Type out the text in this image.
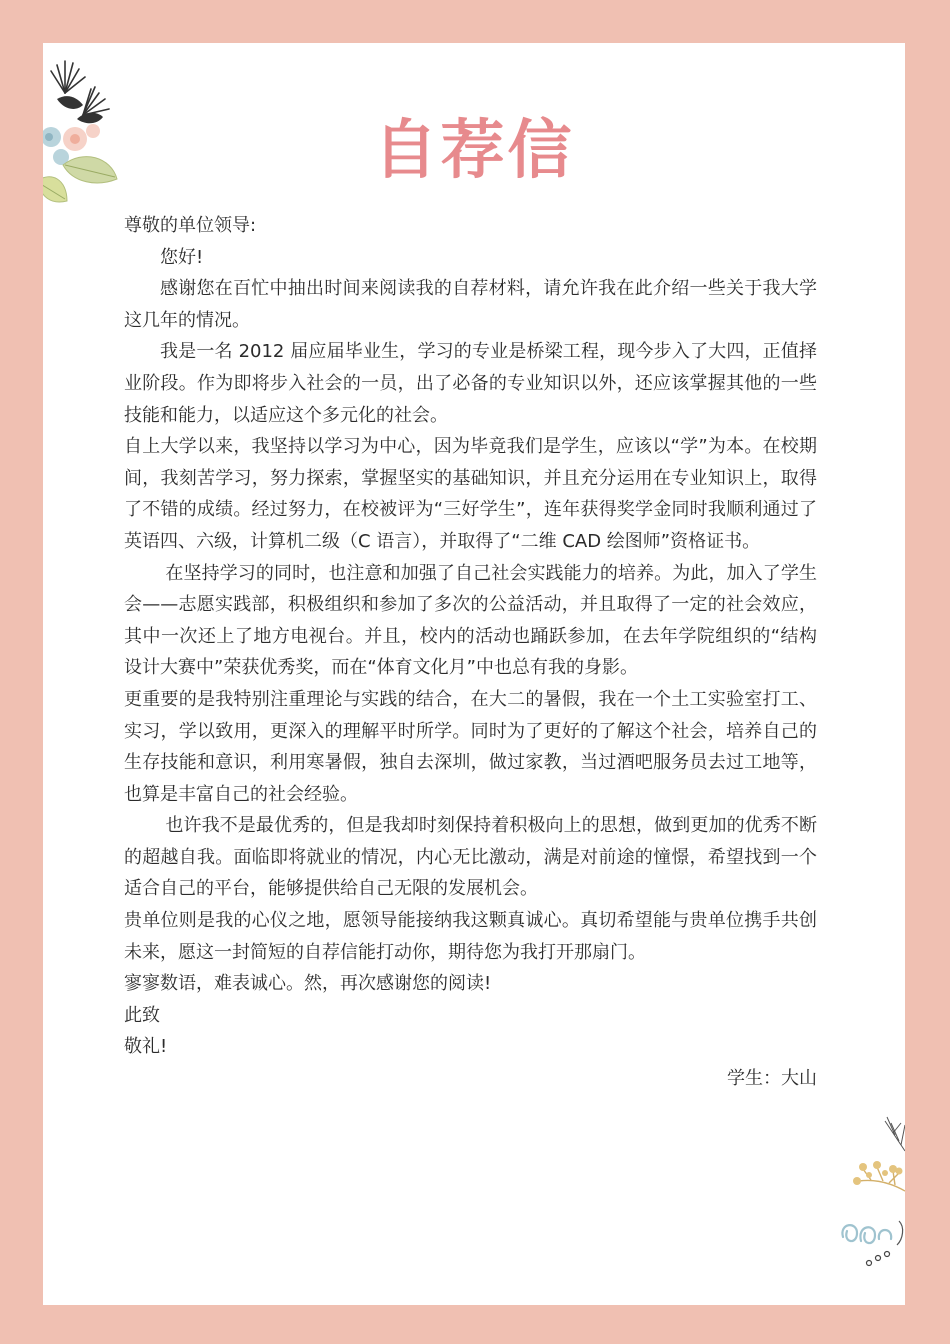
自荐信

尊敬的单位领导:

您好!

感谢您在百忙中抽出时间来阅读我的自荐材料，请允许我在此介绍一些关于我大学 这几年的情况。

我是一名 2012 届应届毕业生，学习的专业是桥梁工程，现今步入了大四，正值择业阶段。作为即将步入社会的一员，出了必备的专业知识以外，还应该掌握其他的一些技能和能力，以适应这个多元化的社会。

自上大学以来，我坚持以学习为中心，因为毕竟我们是学生，应该以“学”为本。在校期间，我刻苦学习，努力探索，掌握坚实的基础知识，并且充分运用在专业知识上，取得了不错的成绩。经过努力，在校被评为“三好学生”，连年获得奖学金同时我顺利通过了英语四、六级，计算机二级（C 语言），并取得了“二维 CAD 绘图师”资格证书。

在坚持学习的同时，也注意和加强了自己社会实践能力的培养。为此，加入了学生会——志愿实践部，积极组织和参加了多次的公益活动，并且取得了一定的社会效应，其中一次还上了地方电视台。并且，校内的活动也踊跃参加，在去年学院组织的“结构设计大赛中”荣获优秀奖，而在“体育文化月”中也总有我的身影。

更重要的是我特别注重理论与实践的结合，在大二的暑假，我在一个土工实验室打工、实习，学以致用，更深入的理解平时所学。同时为了更好的了解这个社会，培养自己的生存技能和意识，利用寒暑假，独自去深圳，做过家教，当过酒吧服务员去过工地等，也算是丰富自己的社会经验。

也许我不是最优秀的，但是我却时刻保持着积极向上的思想，做到更加的优秀不断的超越自我。面临即将就业的情况，内心无比激动，满是对前途的憧憬，希望找到一个适合自己的平台，能够提供给自己无限的发展机会。

贵单位则是我的心仪之地，愿领导能接纳我这颗真诚心。真切希望能与贵单位携手共创未来，愿这一封简短的自荐信能打动你，期待您为我打开那扇门。

寥寥数语，难表诚心。然，再次感谢您的阅读!

此致

敬礼!

学生：大山
